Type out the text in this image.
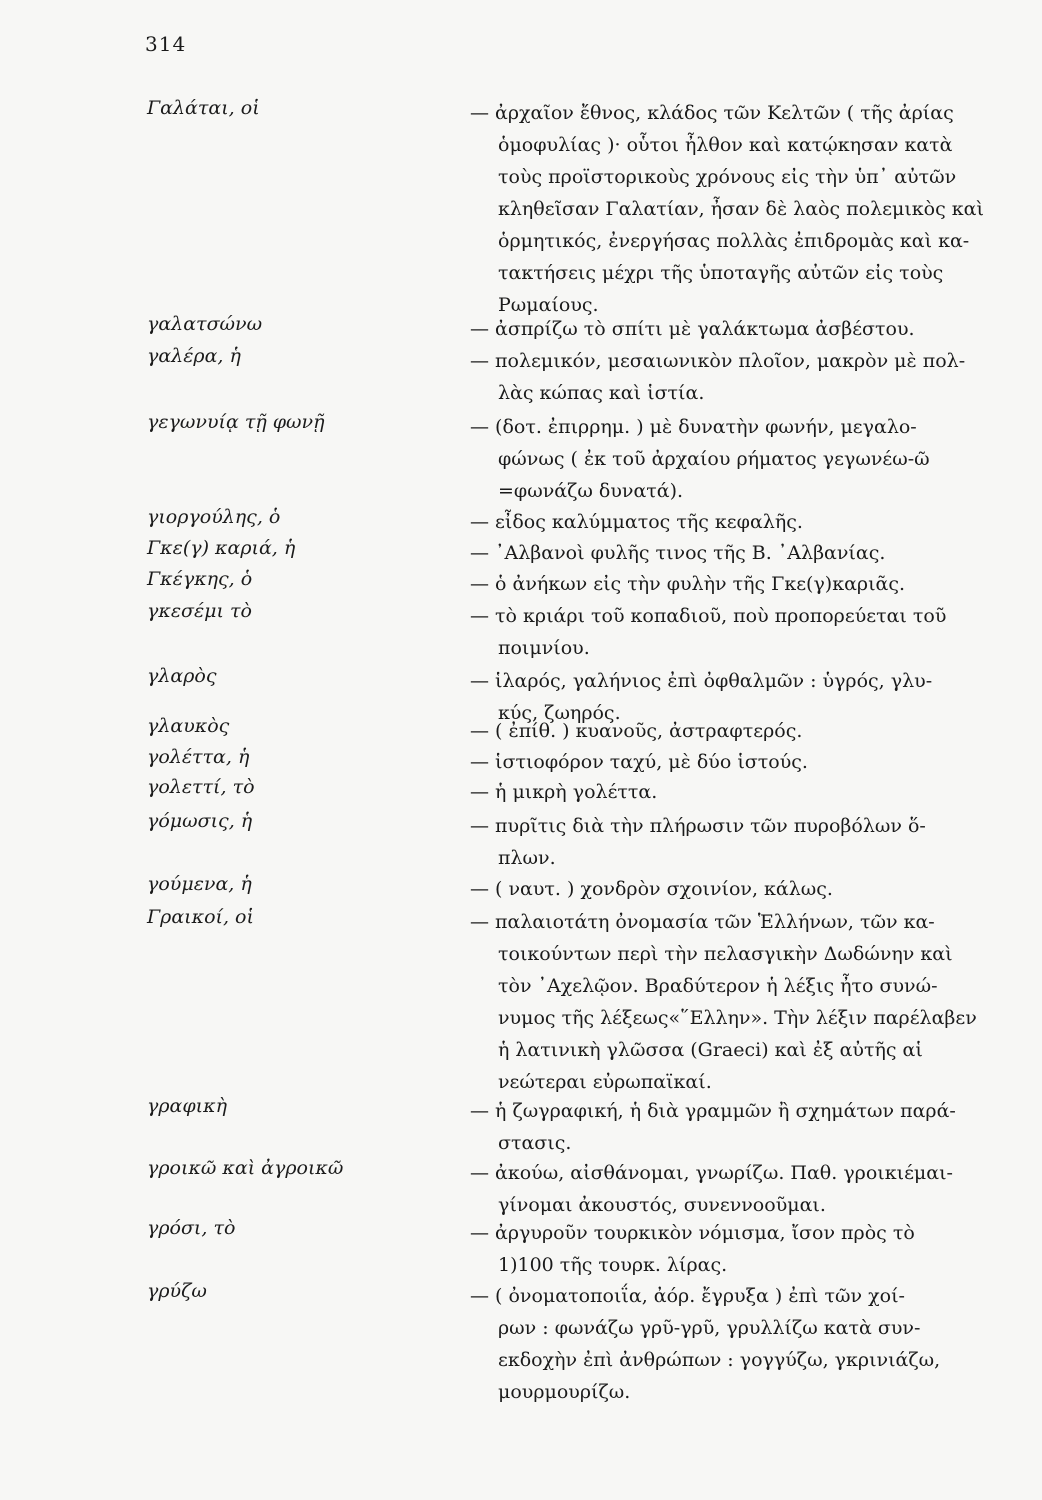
314
Γαλάται, οἱ	— ἀρχαῖον ἔθνος, κλάδος τῶν Κελτῶν ( τῆς ἀρίας
ὁμοφυλίας )· οὗτοι ἦλθον καὶ κατῴκησαν κατὰ
τοὺς προϊστορικοὺς χρόνους εἰς τὴν ὑπ᾽ αὐτῶν
κληθεῖσαν Γαλατίαν, ἦσαν δὲ λαὸς πολεμικὸς καὶ
ὁρμητικός, ἐνεργήσας πολλὰς ἐπιδρομὰς καὶ κα-
τακτήσεις μέχρι τῆς ὑποταγῆς αὐτῶν εἰς τοὺς
Ρωμαίους.
γαλατσώνω	— ἀσπρίζω τὸ σπίτι μὲ γαλάκτωμα ἀσβέστου.
γαλέρα, ἡ	— πολεμικόν, μεσαιωνικὸν πλοῖον, μακρὸν μὲ πολ-
λὰς κώπας καὶ ἱστία.
γεγωνυίᾳ τῇ φωνῇ	— (δοτ. ἐπιρρημ. ) μὲ δυνατὴν φωνήν, μεγαλο-
φώνως ( ἐκ τοῦ ἀρχαίου ρήματος γεγωνέω-ῶ
=φωνάζω δυνατά).
γιοργούλης, ὁ	— εἶδος καλύμματος τῆς κεφαλῆς.
Γκε(γ) καριά, ἡ	— ᾿Αλβανοὶ φυλῆς τινος τῆς Β. ᾿Αλβανίας.
Γκέγκης, ὁ	— ὁ ἀνήκων εἰς τὴν φυλὴν τῆς Γκε(γ)καριᾶς.
γκεσέμι τὸ	— τὸ κριάρι τοῦ κοπαδιοῦ, ποὺ προπορεύεται τοῦ
ποιμνίου.
γλαρὸς	— ἱλαρός, γαλήνιος ἐπὶ ὀφθαλμῶν : ὑγρός, γλυ-
κύς, ζωηρός.
γλαυκὸς	— ( ἐπίθ. ) κυανοῦς, ἀστραφτερός.
γολέττα, ἡ	— ἱστιοφόρον ταχύ, μὲ δύο ἱστούς.
γολεττί, τὸ	— ἡ μικρὴ γολέττα.
γόμωσις, ἡ	— πυρῖτις διὰ τὴν πλήρωσιν τῶν πυροβόλων ὅ-
πλων.
γούμενα, ἡ	— ( ναυτ. ) χονδρὸν σχοινίον, κάλως.
Γραικοί, οἱ	— παλαιοτάτη ὀνομασία τῶν Ἑλλήνων, τῶν κα-
τοικούντων περὶ τὴν πελασγικὴν Δωδώνην καὶ
τὸν ᾿Αχελῷον. Βραδύτερον ἡ λέξις ἦτο συνώ-
νυμος τῆς λέξεως«῞Ελλην». Τὴν λέξιν παρέλαβεν
ἡ λατινικὴ γλῶσσα (Graeci) καὶ ἐξ αὐτῆς αἱ
νεώτεραι εὐρωπαϊκαί.
γραφικὴ	— ἡ ζωγραφική, ἡ διὰ γραμμῶν ἢ σχημάτων παρά-
στασις.
γροικῶ καὶ ἀγροικῶ	— ἀκούω, αἰσθάνομαι, γνωρίζω. Παθ. γροικιέμαι-
γίνομαι ἀκουστός, συνεννοοῦμαι.
γρόσι, τὸ	— ἀργυροῦν τουρκικὸν νόμισμα, ἴσον πρὸς τὸ
1)100 τῆς τουρκ. λίρας.
γρύζω	— ( ὀνοματοποιΐα, ἀόρ. ἔγρυξα ) ἐπὶ τῶν χοί-
ρων : φωνάζω γρῦ-γρῦ, γρυλλίζω κατὰ συν-
εκδοχὴν ἐπὶ ἀνθρώπων : γογγύζω, γκρινιάζω,
μουρμουρίζω.
